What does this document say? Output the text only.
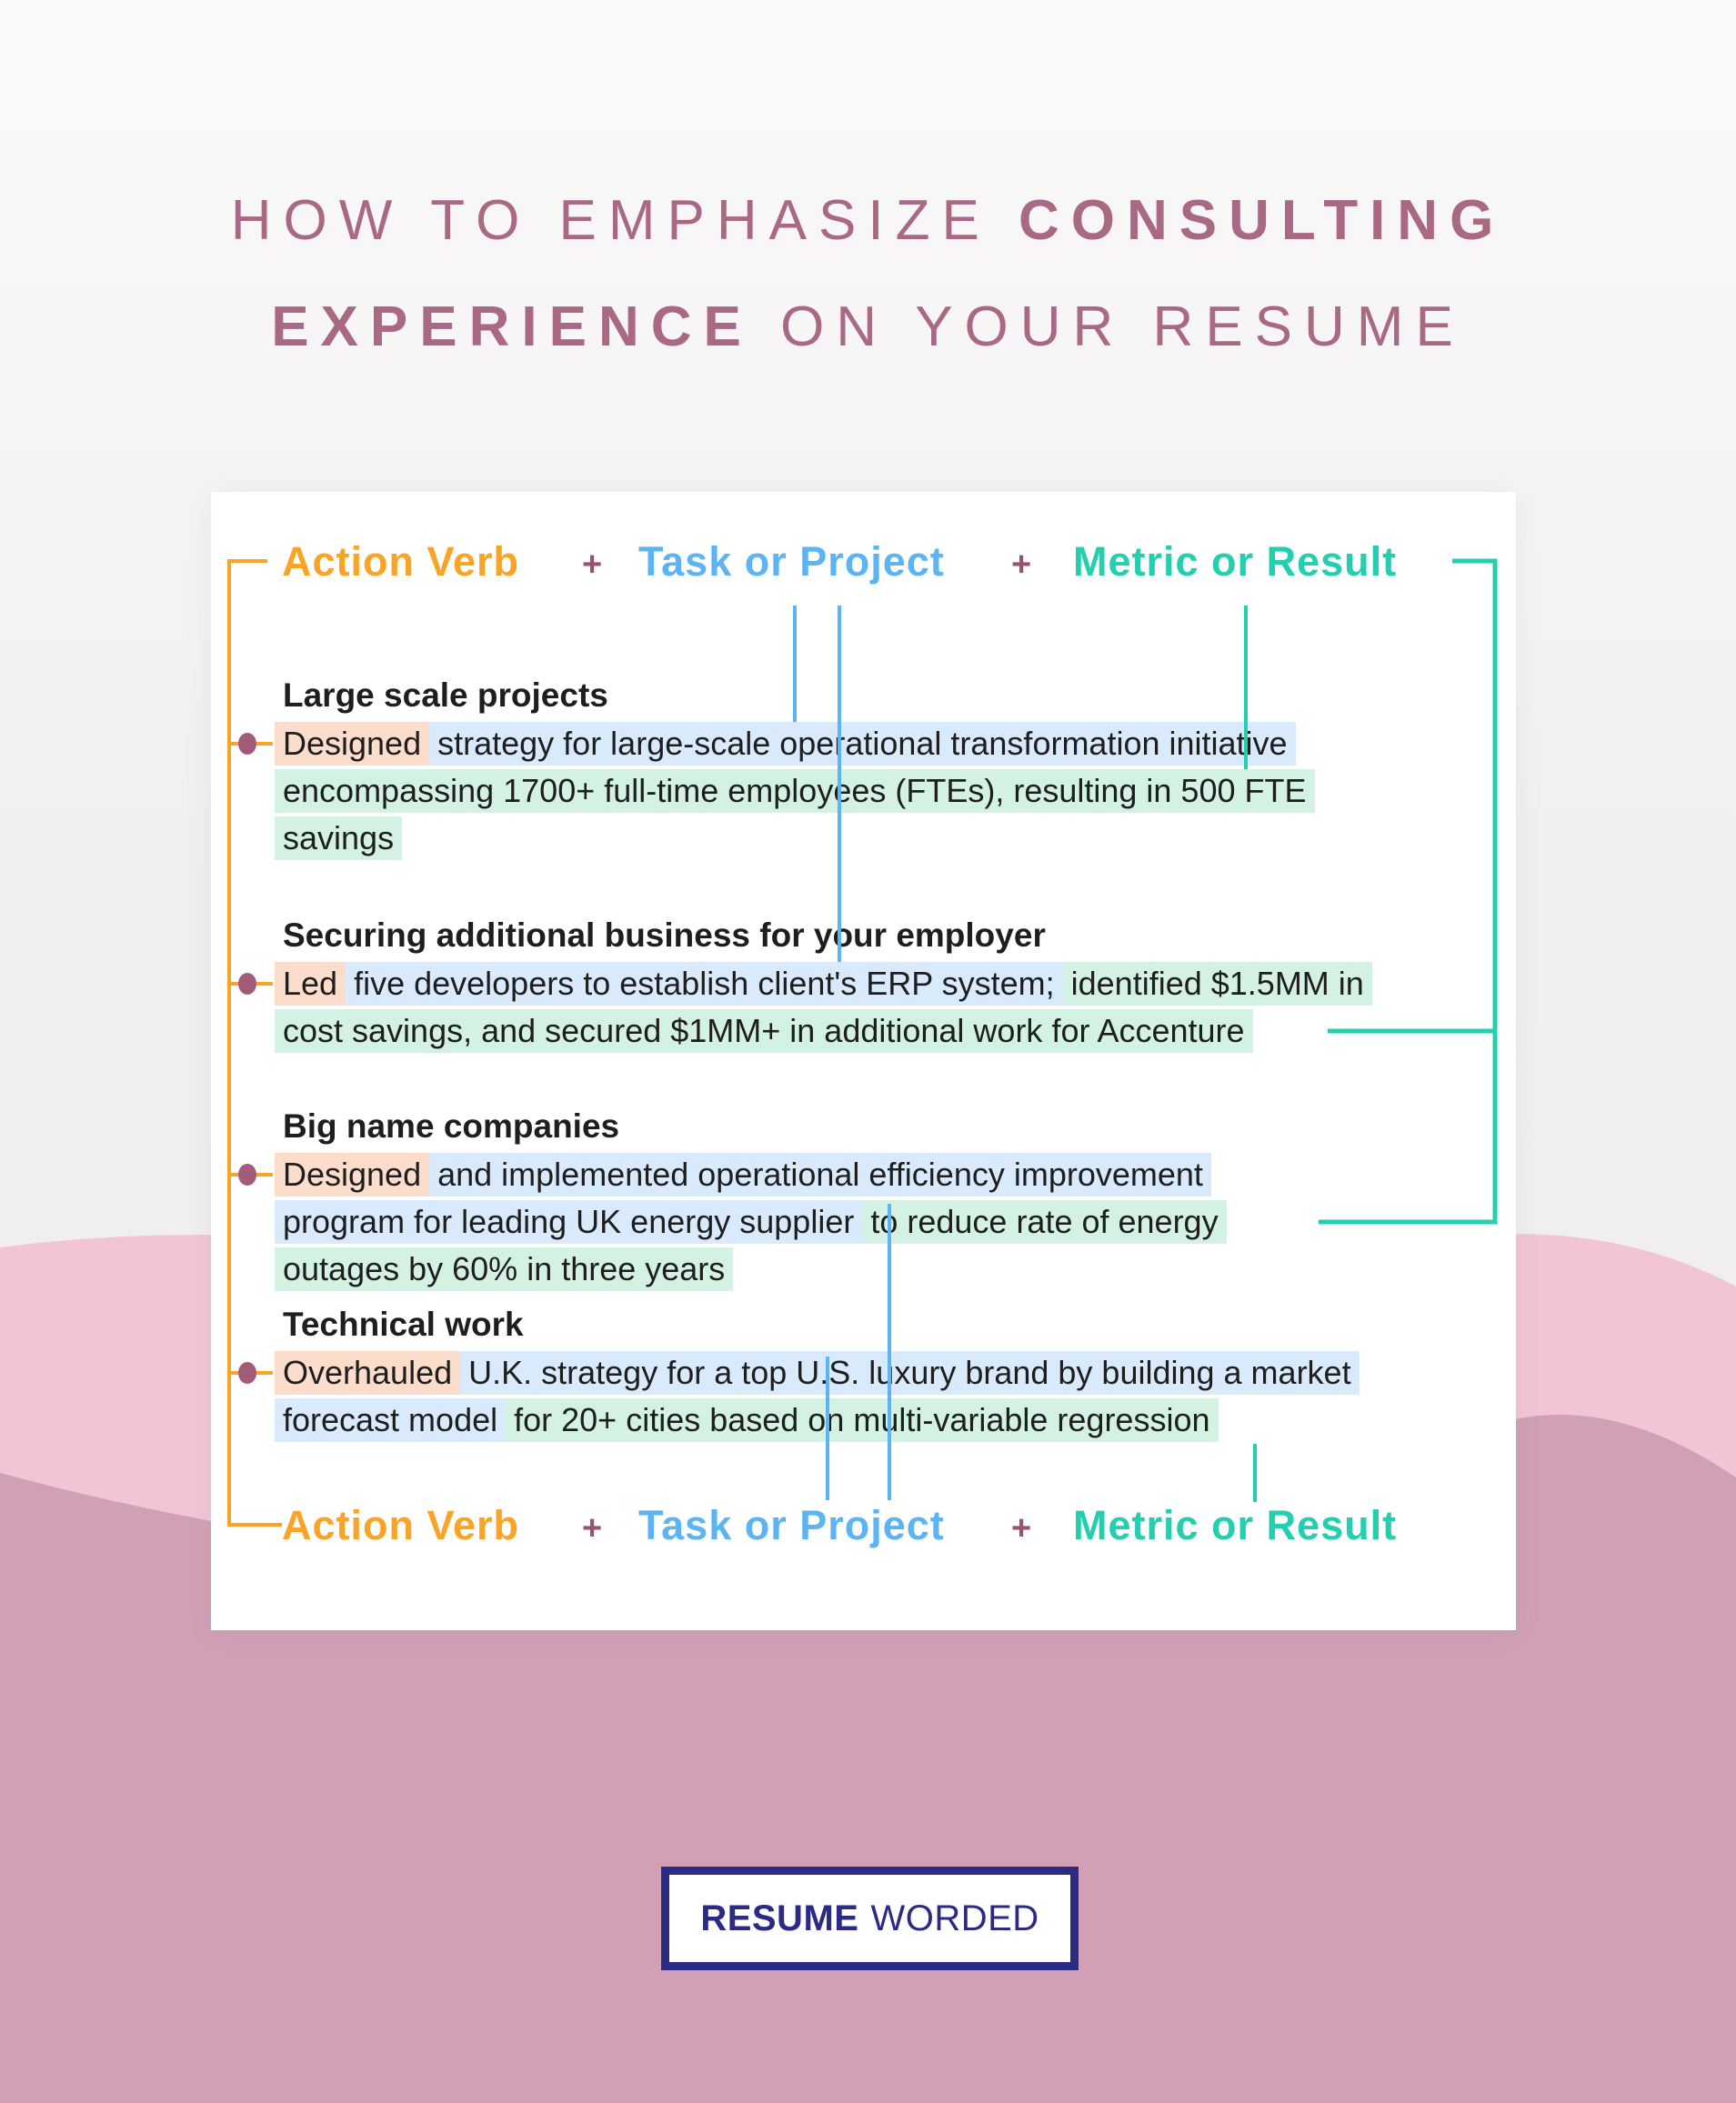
HOW TO EMPHASIZE CONSULTING
EXPERIENCE ON YOUR RESUME
Action Verb + Task or Project + Metric or Result
Large scale projects
Designed strategy for large-scale operational transformation initiative
encompassing 1700+ full-time employees (FTEs), resulting in 500 FTE
savings
Securing additional business for your employer
Led five developers to establish client's ERP system; identified $1.5MM in
cost savings, and secured $1MM+ in additional work for Accenture
Big name companies
Designed and implemented operational efficiency improvement
program for leading UK energy supplier to reduce rate of energy
outages by 60% in three years
Technical work
Overhauled U.K. strategy for a top U.S. luxury brand by building a market
forecast model for 20+ cities based on multi-variable regression
Action Verb + Task or Project + Metric or Result
RESUME WORDED
